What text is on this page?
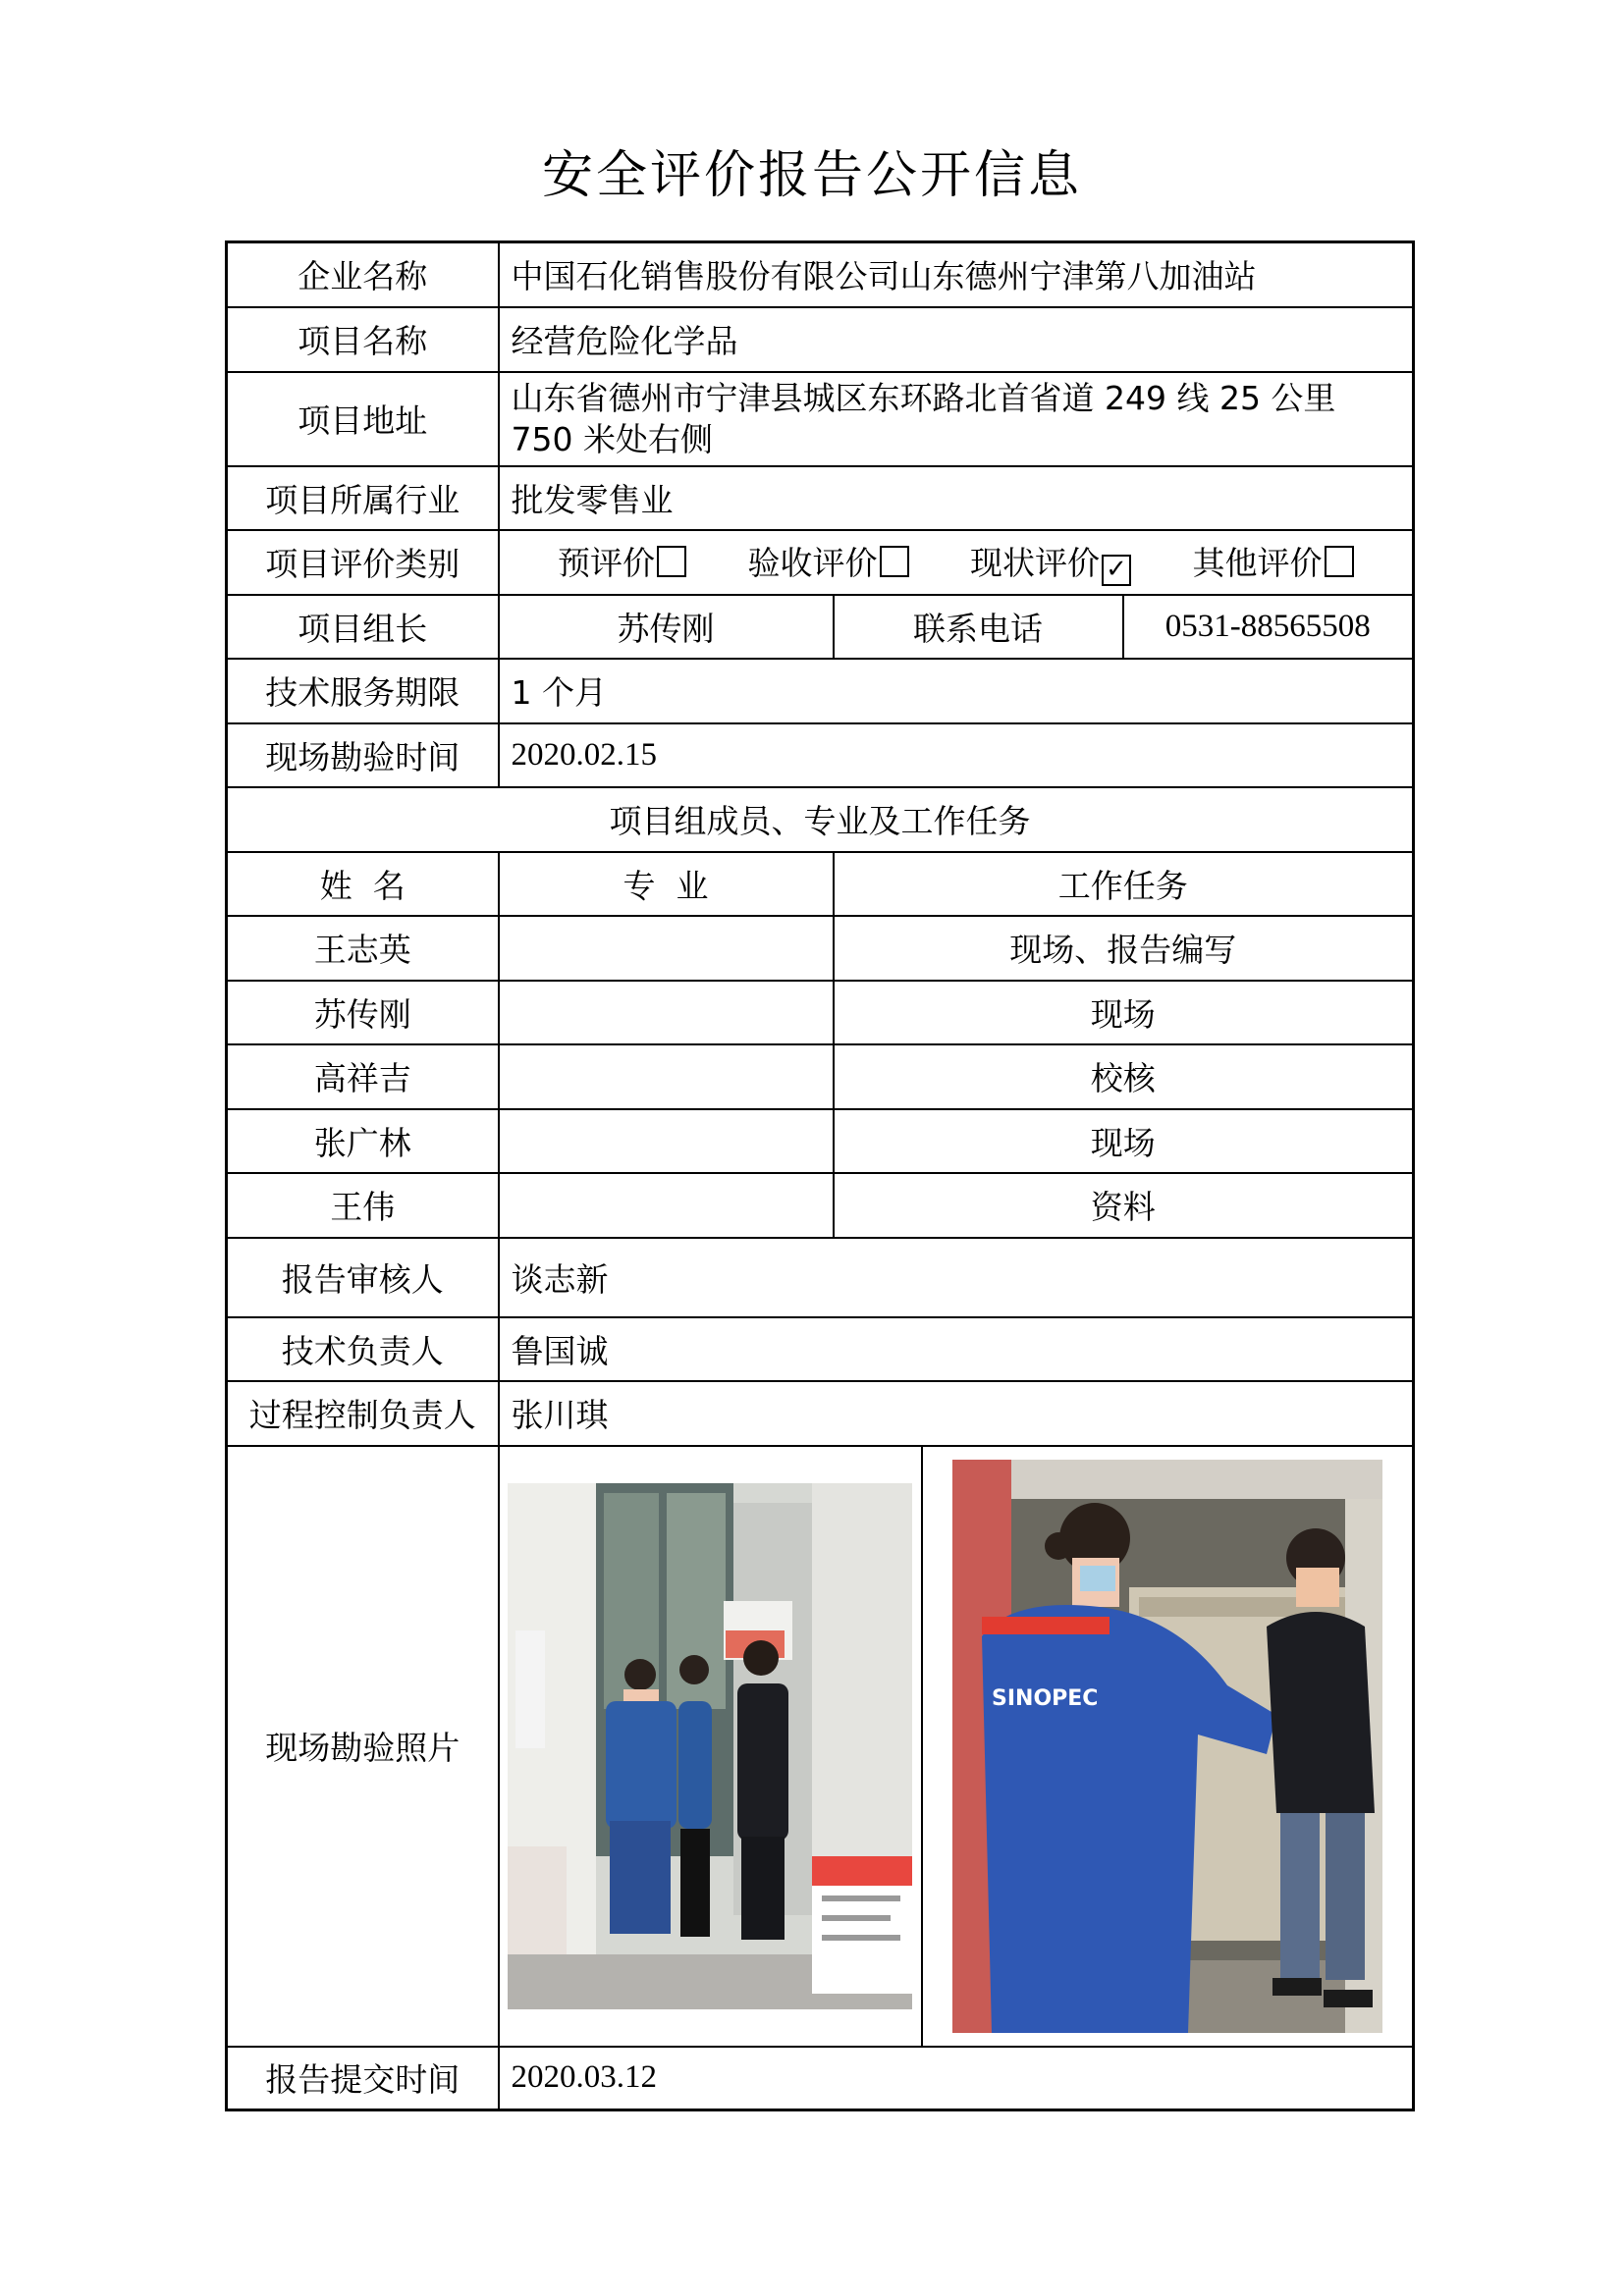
安全评价报告公开信息
企业名称	中国石化销售股份有限公司山东德州宁津第八加油站			
项目名称	经营危险化学品			
项目地址	山东省德州市宁津县城区东环路北首省道 249 线 25 公里 750 米处右侧			
项目所属行业	批发零售业			
项目评价类别	预评价 验收评价 现状评价 ✓ 其他评价			
项目组长	苏传刚	联系电话		0531-88565508
技术服务期限	1 个月			
现场勘验时间	2020.02.15			
项目组成员、专业及工作任务				
姓  名	专  业	工作任务		
王志英		现场、报告编写		
苏传刚		现场		
高祥吉		校核		
张广林		现场		
王伟		资料		
报告审核人	谈志新			
技术负责人	鲁国诚			
过程控制负责人	张川琪			
现场勘验照片			SINOPEC	

报告提交时间	2020.03.12			
